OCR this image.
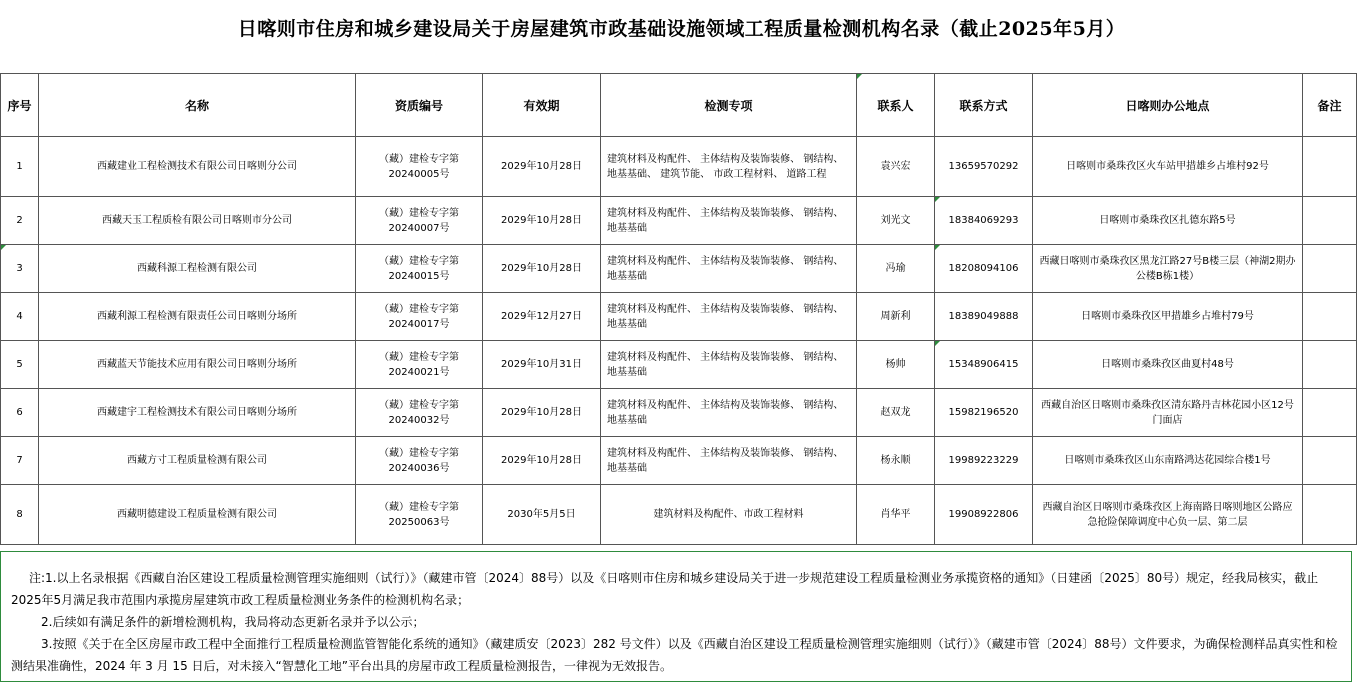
日喀则市住房和城乡建设局关于房屋建筑市政基础设施领域工程质量检测机构名录（截止2025年5月）
序号	名称	资质编号	有效期	检测专项	联系人	联系方式	日喀则办公地点	备注
1	西藏建业工程检测技术有限公司日喀则分公司	（藏）建检专字第20240005号	2029年10月28日	建筑材料及构配件、 主体结构及装饰装修、 钢结构、 地基基础、 建筑节能、 市政工程材料、 道路工程	袁兴宏	13659570292	日喀则市桑珠孜区火车站甲措雄乡占堆村92号	
2	西藏天玉工程质检有限公司日喀则市分公司	（藏）建检专字第20240007号	2029年10月28日	建筑材料及构配件、 主体结构及装饰装修、 钢结构、 地基基础	刘光文	18384069293	日喀则市桑珠孜区扎德东路5号	
3	西藏科源工程检测有限公司	（藏）建检专字第20240015号	2029年10月28日	建筑材料及构配件、 主体结构及装饰装修、 钢结构、 地基基础	冯瑜	18208094106	西藏日喀则市桑珠孜区黑龙江路27号B楼三层（神湖2期办公楼B栋1楼）	
4	西藏利源工程检测有限责任公司日喀则分场所	（藏）建检专字第20240017号	2029年12月27日	建筑材料及构配件、 主体结构及装饰装修、 钢结构、 地基基础	周新利	18389049888	日喀则市桑珠孜区甲措雄乡占堆村79号	
5	西藏蓝天节能技术应用有限公司日喀则分场所	（藏）建检专字第20240021号	2029年10月31日	建筑材料及构配件、 主体结构及装饰装修、 钢结构、 地基基础	杨帅	15348906415	日喀则市桑珠孜区曲夏村48号	
6	西藏建宇工程检测技术有限公司日喀则分场所	（藏）建检专字第20240032号	2029年10月28日	建筑材料及构配件、 主体结构及装饰装修、 钢结构、 地基基础	赵双龙	15982196520	西藏自治区日喀则市桑珠孜区清东路丹吉林花园小区12号门面店	
7	西藏方寸工程质量检测有限公司	（藏）建检专字第20240036号	2029年10月28日	建筑材料及构配件、 主体结构及装饰装修、 钢结构、 地基基础	杨永顺	19989223229	日喀则市桑珠孜区山东南路鸿达花园综合楼1号	
8	西藏明德建设工程质量检测有限公司	（藏）建检专字第20250063号	2030年5月5日	建筑材料及构配件、市政工程材料	肖华平	19908922806	西藏自治区日喀则市桑珠孜区上海南路日喀则地区公路应急抢险保障调度中心负一层、第二层	

注:1.以上名录根据《西藏自治区建设工程质量检测管理实施细则（试行）》（藏建市管〔2024〕88号）以及《日喀则市住房和城乡建设局关于进一步规范建设工程质量检测业务承揽资格的通知》（日建函〔2025〕80号）规定，经我局核实，截止2025年5月满足我市范围内承揽房屋建筑市政工程质量检测业务条件的检测机构名录；

2.后续如有满足条件的新增检测机构，我局将动态更新名录并予以公示；

3.按照《关于在全区房屋市政工程中全面推行工程质量检测监管智能化系统的通知》（藏建质安〔2023〕282 号文件）以及《西藏自治区建设工程质量检测管理实施细则（试行）》（藏建市管〔2024〕88号）文件要求，为确保检测样品真实性和检测结果准确性，2024 年 3 月 15 日后，对未接入“智慧化工地”平台出具的房屋市政工程质量检测报告，一律视为无效报告。
